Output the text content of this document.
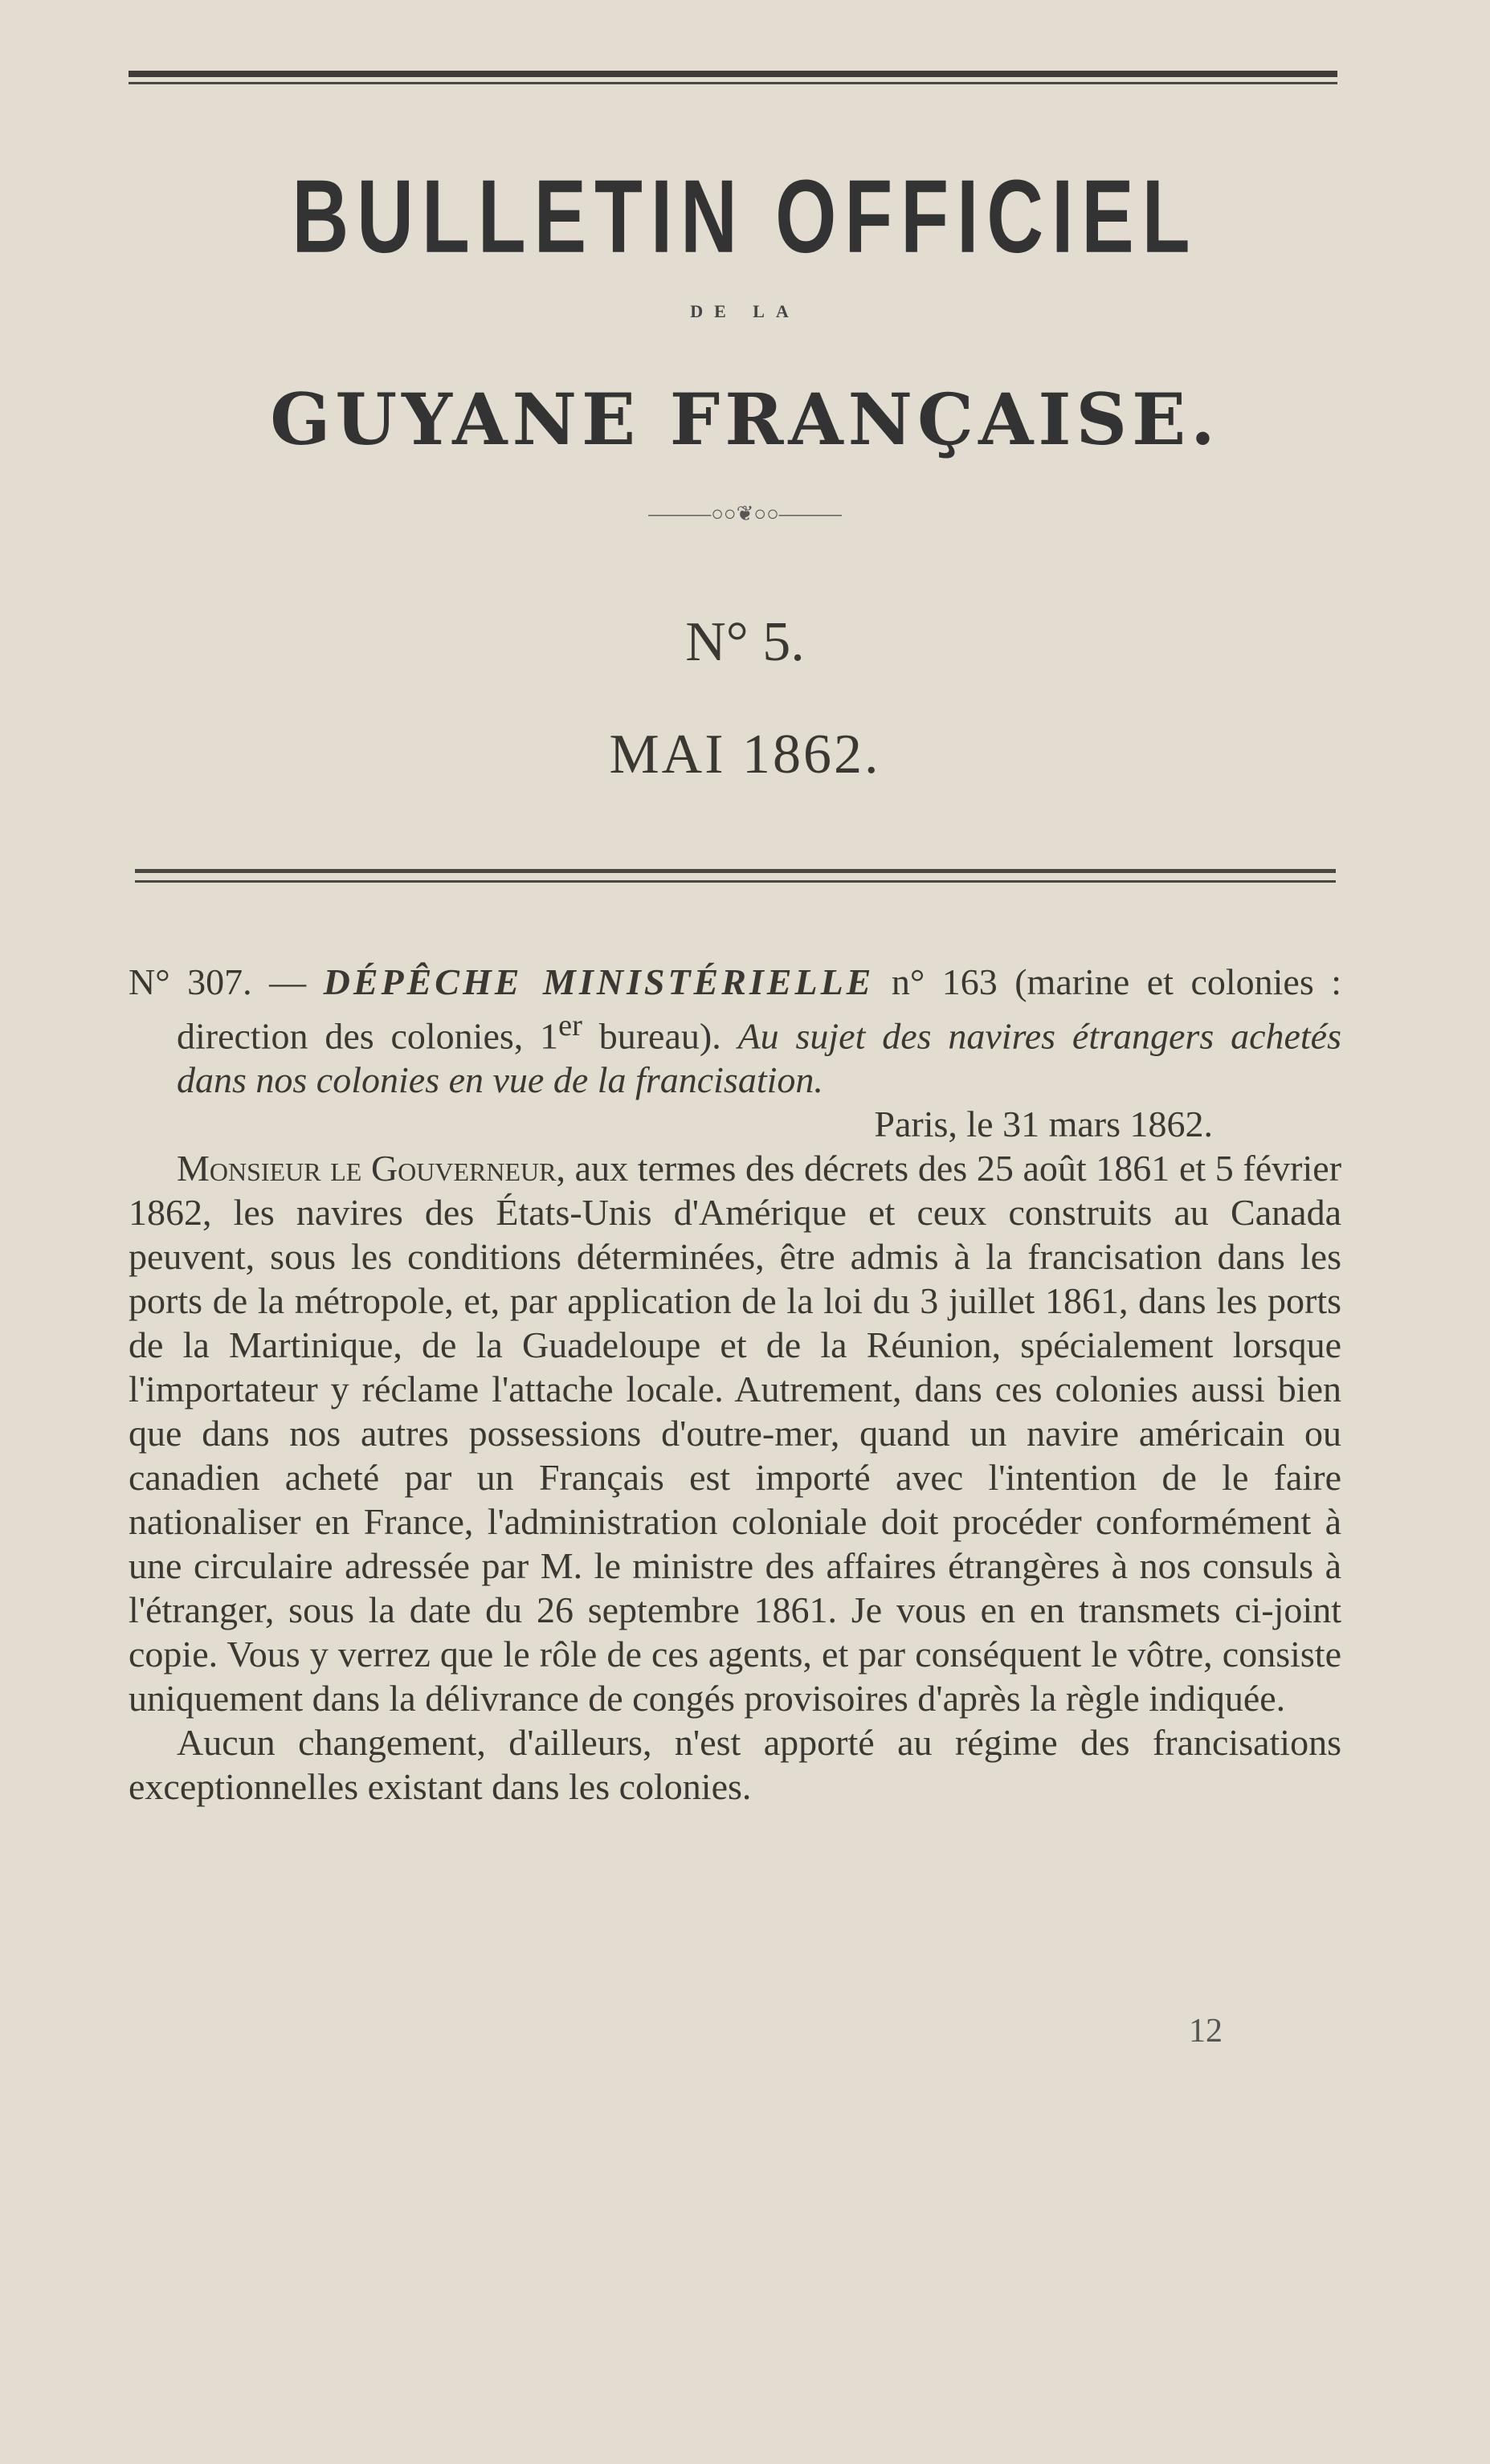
BULLETIN OFFICIEL
DE LA
GUYANE FRANÇAISE.
———○○❦○○———
N° 5.
MAI 1862.

N° 307. — DÉPÊCHE MINISTÉRIELLE n° 163 (marine et colonies : direction des colonies, 1er bureau). Au sujet des navires étrangers achetés dans nos colonies en vue de la francisation.

Paris, le 31 mars 1862.

Monsieur le Gouverneur, aux termes des décrets des 25 août 1861 et 5 février 1862, les navires des États-Unis d'Amérique et ceux construits au Canada peuvent, sous les conditions déterminées, être admis à la francisation dans les ports de la métropole, et, par application de la loi du 3 juillet 1861, dans les ports de la Martinique, de la Guadeloupe et de la Réunion, spécialement lorsque l'importateur y réclame l'attache locale. Autrement, dans ces colonies aussi bien que dans nos autres possessions d'outre-mer, quand un navire américain ou canadien acheté par un Français est importé avec l'intention de le faire nationaliser en France, l'administration coloniale doit procéder conformément à une circulaire adressée par M. le ministre des affaires étrangères à nos consuls à l'étranger, sous la date du 26 septembre 1861. Je vous en en transmets ci-joint copie. Vous y verrez que le rôle de ces agents, et par conséquent le vôtre, consiste uniquement dans la délivrance de congés provisoires d'après la règle indiquée.

Aucun changement, d'ailleurs, n'est apporté au régime des francisations exceptionnelles existant dans les colonies.

12
